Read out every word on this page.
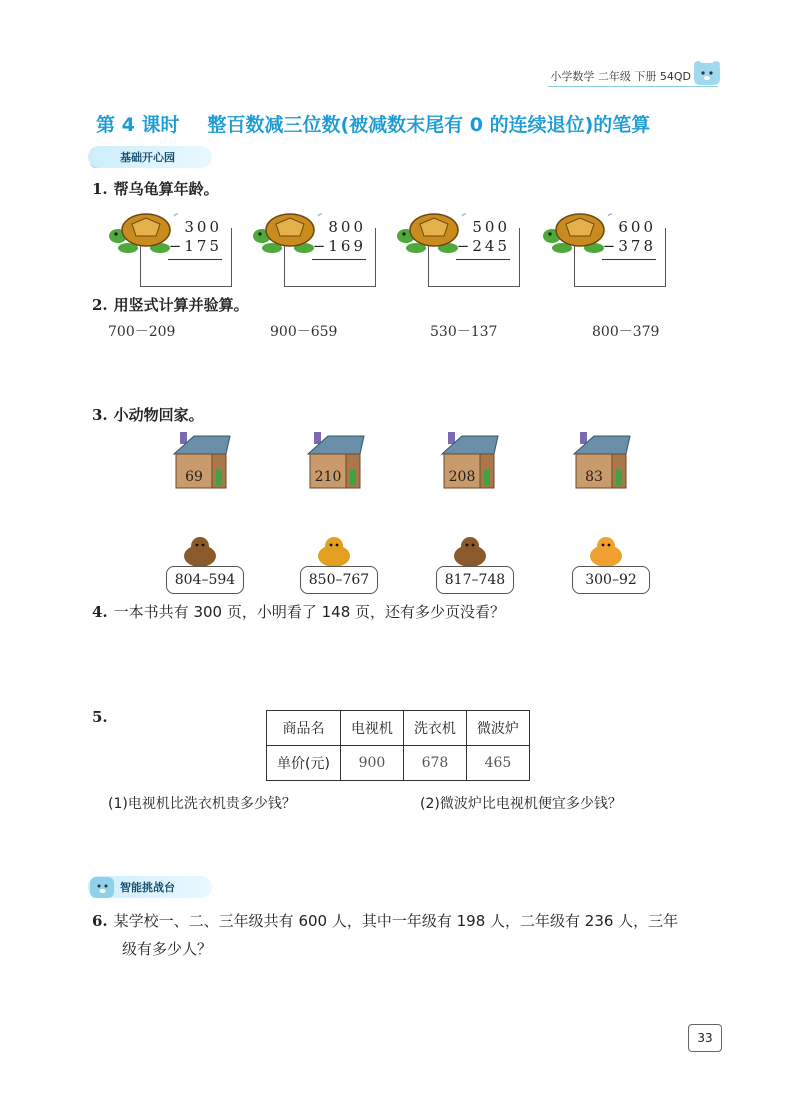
小学数学 二年级 下册 54QD
第 4 课时 整百数减三位数(被减数末尾有 0 的连续退位)的笔算
基础开心园
1. 帮乌龟算年龄。
300
−175
800
−169
500
−245
600
−378
2. 用竖式计算并验算。
700－209	900－659	530－137	800－379
3. 小动物回家。
69	210	208	83
804–594	850–767	817–748	300–92
4. 一本书共有 300 页，小明看了 148 页，还有多少页没看？
5.
商品名	电视机	洗衣机	微波炉
单价(元)	900	678	465
(1)电视机比洗衣机贵多少钱？	(2)微波炉比电视机便宜多少钱？
智能挑战台
6. 某学校一、二、三年级共有 600 人，其中一年级有 198 人，二年级有 236 人，三年
级有多少人？
33
